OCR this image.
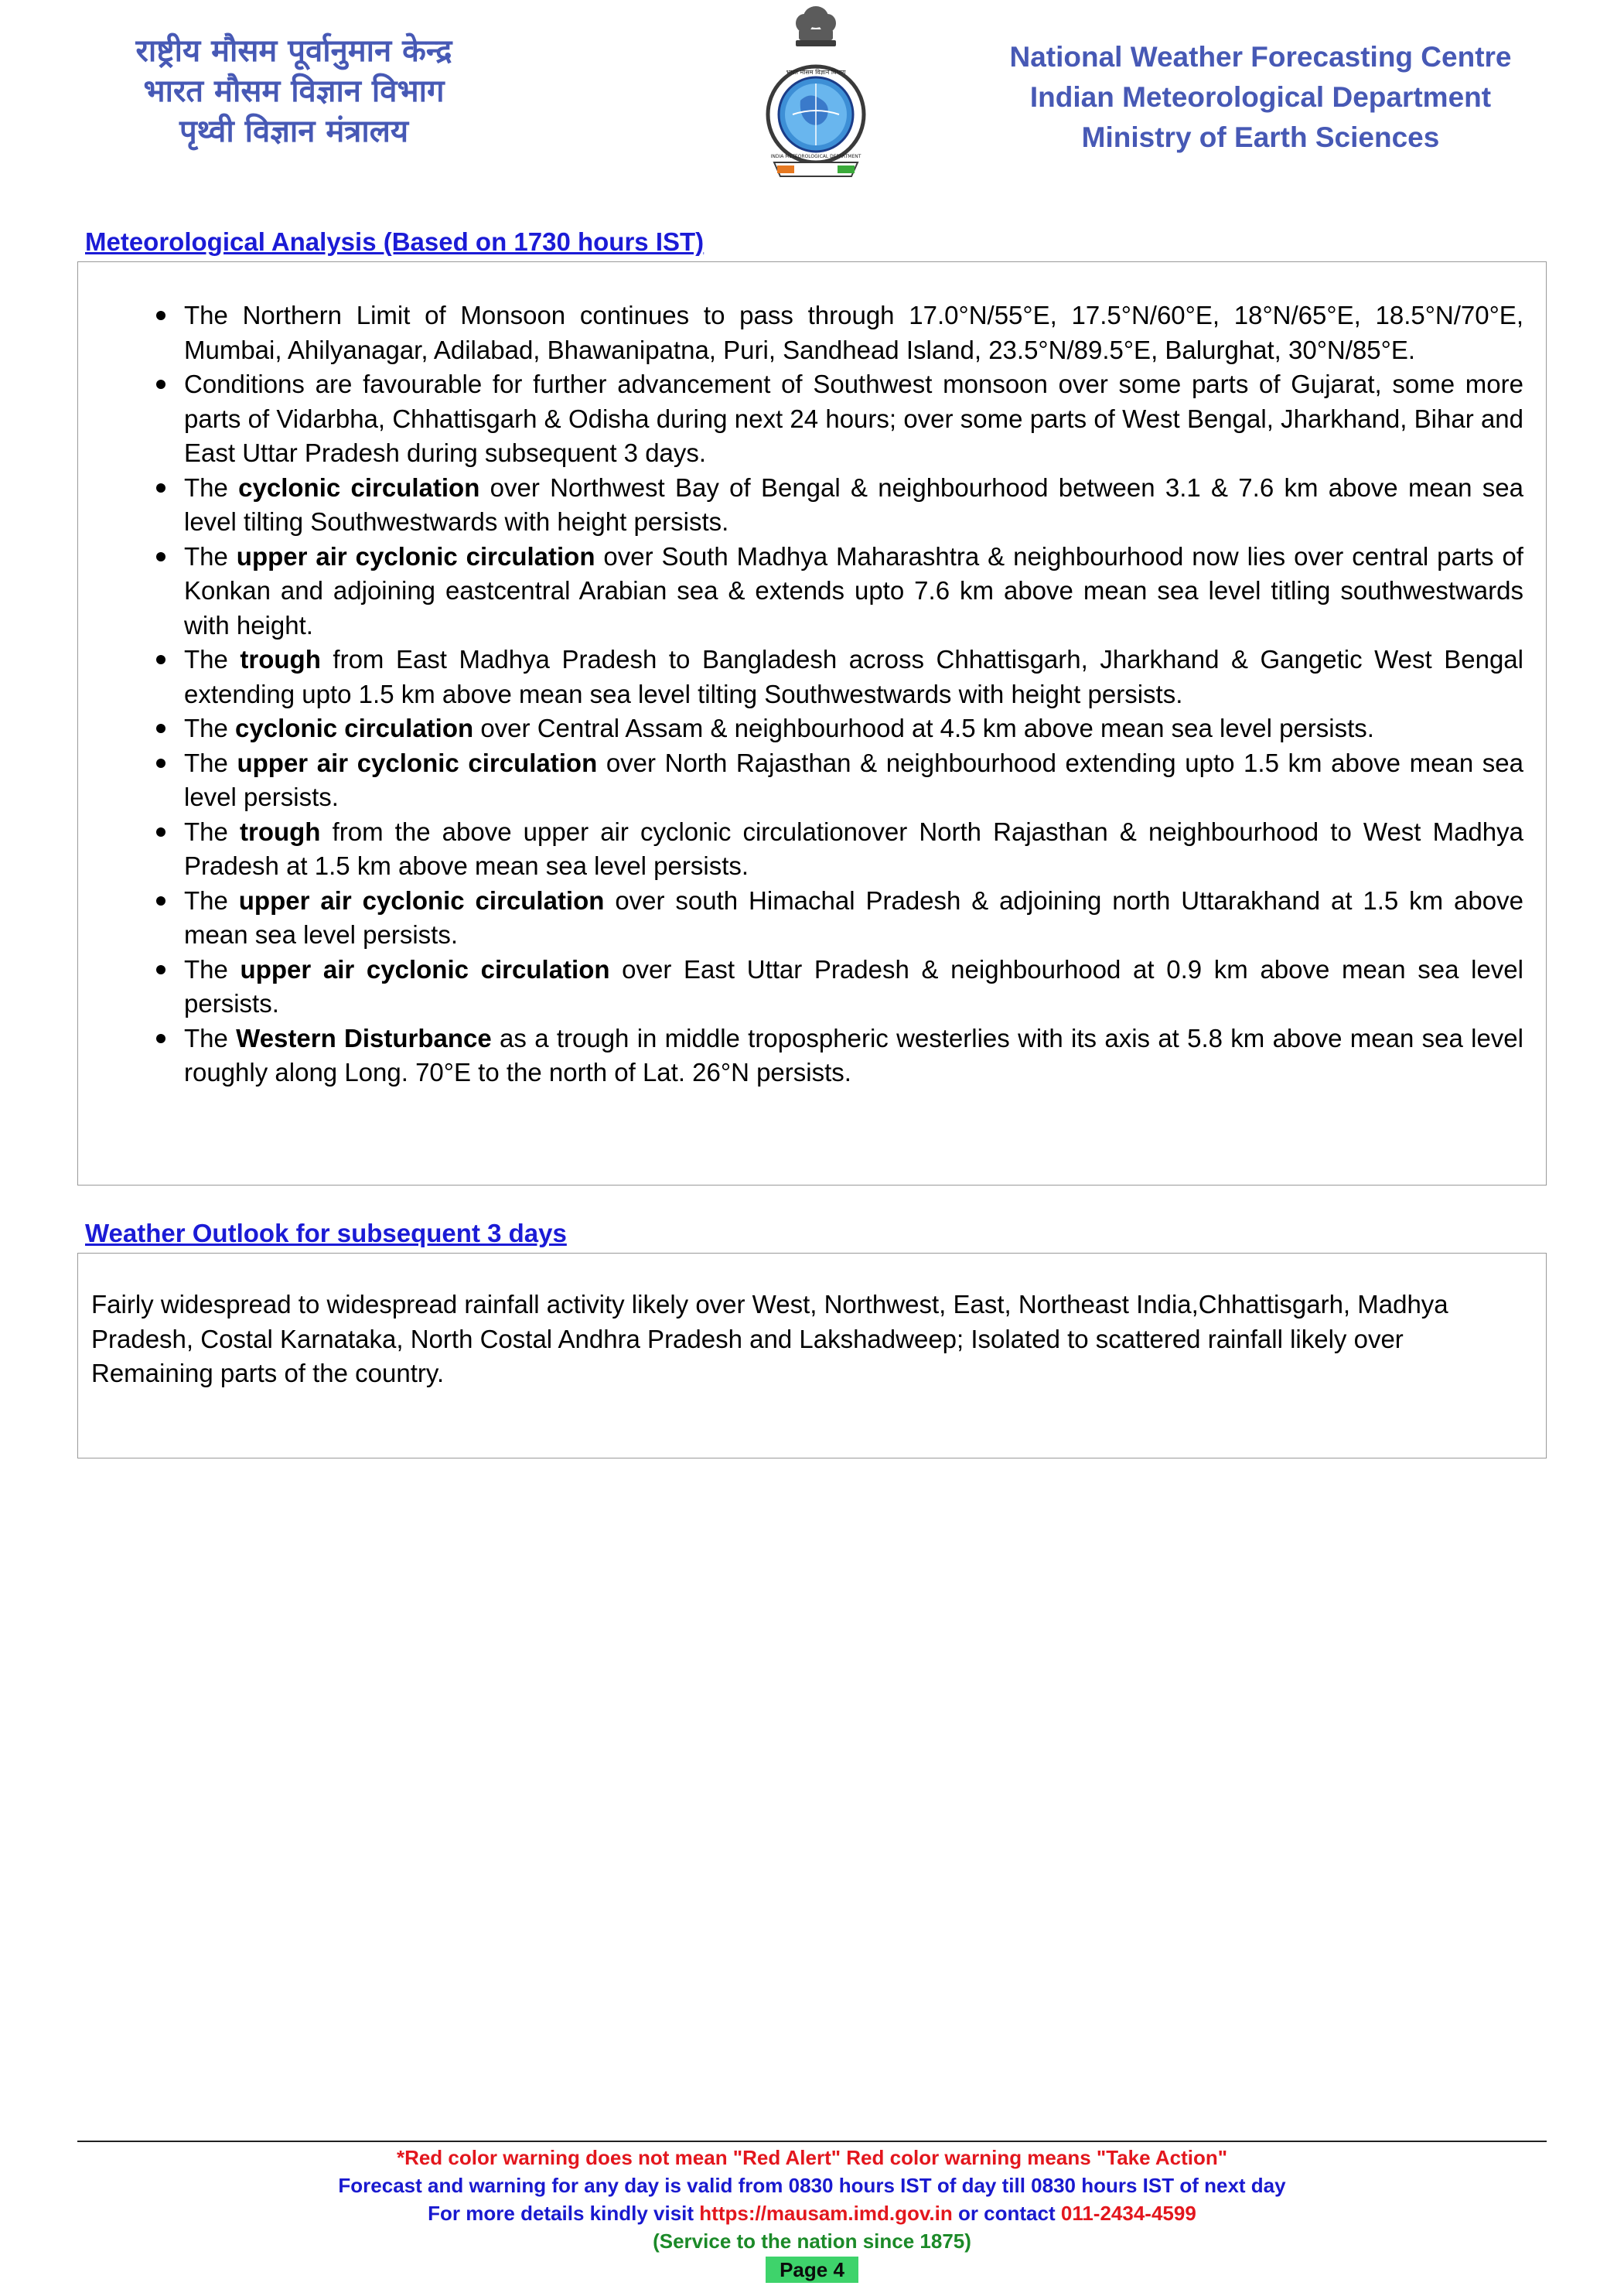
राष्ट्रीय मौसम पूर्वानुमान केन्द्र
भारत मौसम विज्ञान विभाग
पृथ्वी विज्ञान मंत्रालय
भारत मौसम विज्ञान विभाग
INDIA METEOROLOGICAL DEPARTMENT
National Weather Forecasting Centre
Indian Meteorological Department
Ministry of Earth Sciences
Meteorological Analysis (Based on 1730 hours IST)
The Northern Limit of Monsoon continues to pass through 17.0°N/55°E, 17.5°N/60°E, 18°N/65°E, 18.5°N/70°E, Mumbai, Ahilyanagar, Adilabad, Bhawanipatna, Puri, Sandhead Island, 23.5°N/89.5°E, Balurghat, 30°N/85°E.
Conditions are favourable for further advancement of Southwest monsoon over some parts of Gujarat, some more parts of Vidarbha, Chhattisgarh & Odisha during next 24 hours; over some parts of West Bengal, Jharkhand, Bihar and East Uttar Pradesh during subsequent 3 days.
The cyclonic circulation over Northwest Bay of Bengal & neighbourhood between 3.1 & 7.6 km above mean sea level tilting Southwestwards with height persists.
The upper air cyclonic circulation over South Madhya Maharashtra & neighbourhood now lies over central parts of Konkan and adjoining eastcentral Arabian sea & extends upto 7.6 km above mean sea level titling southwestwards with height.
The trough from East Madhya Pradesh to Bangladesh across Chhattisgarh, Jharkhand & Gangetic West Bengal extending upto 1.5 km above mean sea level tilting Southwestwards with height persists.
The cyclonic circulation over Central Assam & neighbourhood at 4.5 km above mean sea level persists.
The upper air cyclonic circulation over North Rajasthan & neighbourhood extending upto 1.5 km above mean sea level persists.
The trough from the above upper air cyclonic circulationover North Rajasthan & neighbourhood to West Madhya Pradesh at 1.5 km above mean sea level persists.
The upper air cyclonic circulation over south Himachal Pradesh & adjoining north Uttarakhand at 1.5 km above mean sea level persists.
The upper air cyclonic circulation over East Uttar Pradesh & neighbourhood at 0.9 km above mean sea level persists.
The Western Disturbance as a trough in middle tropospheric westerlies with its axis at 5.8 km above mean sea level roughly along Long. 70°E to the north of Lat. 26°N persists.
Weather Outlook for subsequent 3 days
Fairly widespread to widespread rainfall activity likely over West, Northwest, East, Northeast India,Chhattisgarh, Madhya Pradesh, Costal Karnataka, North Costal Andhra Pradesh and Lakshadweep; Isolated to scattered rainfall likely over Remaining parts of the country.
*Red color warning does not mean "Red Alert" Red color warning means "Take Action"
Forecast and warning for any day is valid from 0830 hours IST of day till 0830 hours IST of next day
For more details kindly visit https://mausam.imd.gov.in or contact 011-2434-4599
(Service to the nation since 1875)
Page 4
